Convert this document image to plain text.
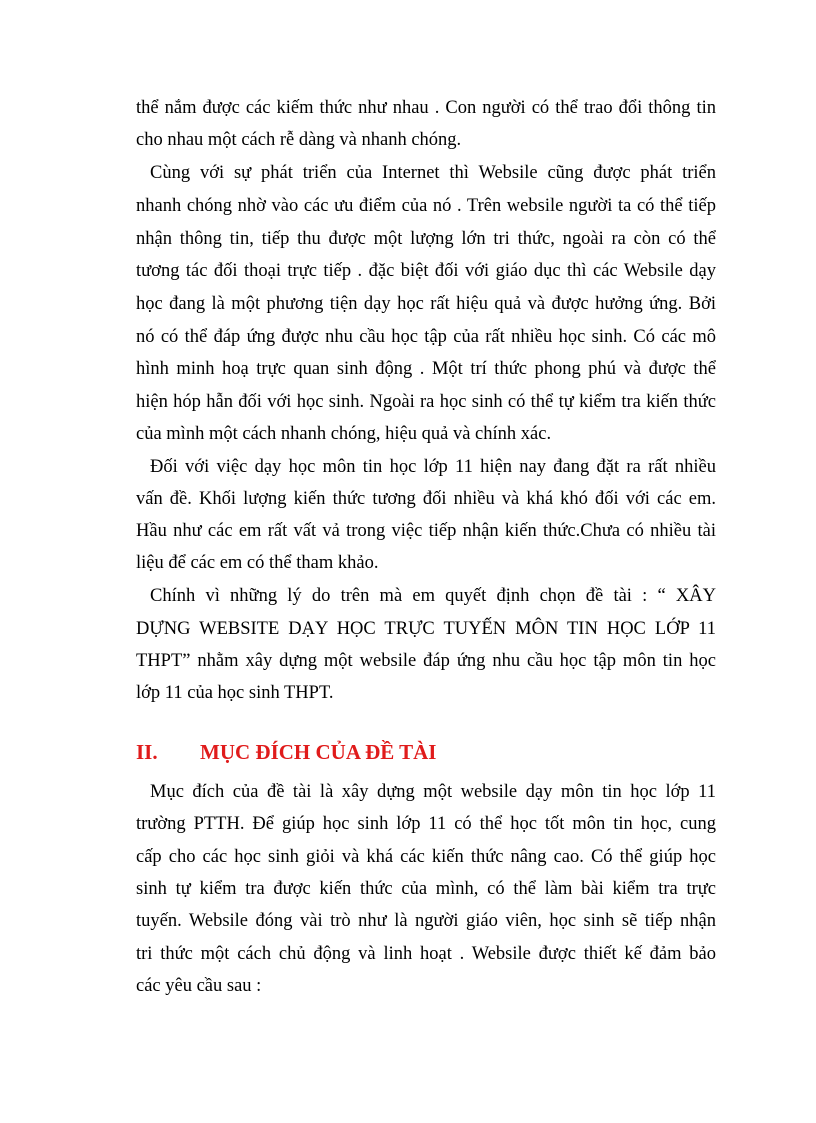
thể nắm được các kiếm thức như nhau . Con người có thể trao đổi thông tin
cho nhau một cách rễ dàng và nhanh chóng.
Cùng với sự phát triển của Internet thì Websile cũng được phát triển
nhanh chóng nhờ vào các ưu điểm của nó . Trên websile người ta có thể tiếp
nhận thông tin, tiếp thu được một lượng lớn tri thức, ngoài ra còn có thể
tương tác đối thoại trực tiếp . đặc biệt đối với giáo dục thì các Websile dạy
học đang là một phương tiện dạy học rất hiệu quả và được hưởng ứng. Bởi
nó có thể đáp ứng được nhu cầu học tập của rất nhiều học sinh. Có các mô
hình minh hoạ trực quan sinh động . Một trí thức phong phú và được thể
hiện hóp hẫn đối với học sinh. Ngoài ra học sinh có thể tự kiểm tra kiến thức
của mình một cách nhanh chóng, hiệu quả và chính xác.
Đối với việc dạy học môn tin học lớp 11 hiện nay đang đặt ra rất nhiều
vấn đề. Khối lượng kiến thức tương đối nhiều và khá khó đối với các em.
Hầu như các em rất vất vả trong việc tiếp nhận kiến thức.Chưa có nhiều tài
liệu để các em có thể tham khảo.
Chính vì những lý do trên mà em quyết định chọn đề tài : “ XÂY
DỰNG WEBSITE DẠY HỌC TRỰC TUYẾN MÔN TIN HỌC LỚP 11
THPT” nhằm xây dựng một websile đáp ứng nhu cầu học tập môn tin học
lớp 11 của học sinh THPT.
II. MỤC ĐÍCH CỦA ĐỀ TÀI
Mục đích của đề tài là xây dựng một websile dạy môn tin học lớp 11
trường PTTH. Để giúp học sinh lớp 11 có thể học tốt môn tin học, cung
cấp cho các học sinh giỏi và khá các kiến thức nâng cao. Có thể giúp học
sinh tự kiểm tra được kiến thức của mình, có thể làm bài kiểm tra trực
tuyến. Websile đóng vài trò như là người giáo viên, học sinh sẽ tiếp nhận
tri thức một cách chủ động và linh hoạt . Websile được thiết kế đảm bảo
các yêu cầu sau :
